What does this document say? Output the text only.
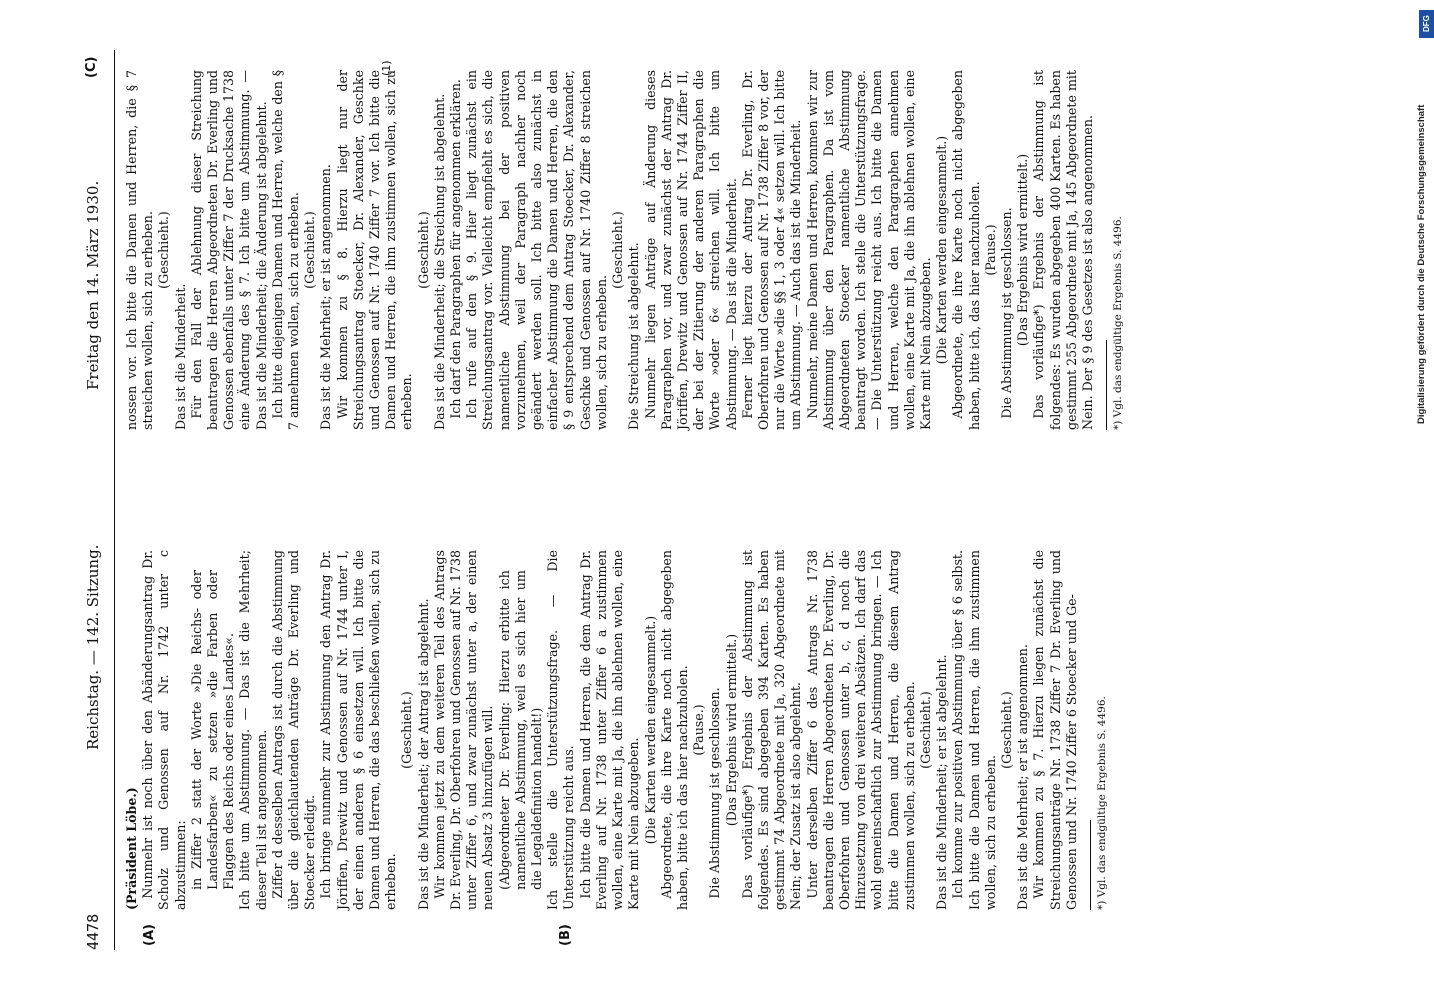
4478
Reichstag. — 142. Sitzung.
Freitag den 14. März 1930.
(A)	(B)
(C)	(1)

(Präsident Löbe.) Nunmehr ist noch über den Abänderungsantrag Dr. Scholz und Genossen auf Nr. 1742 unter c abzustimmen: in Ziffer 2 statt der Worte »Die Reichs- oder Landesfarben« zu setzen »die Farben oder Flaggen des Reichs oder eines Landes«. Ich bitte um Abstimmung. — Das ist die Mehrheit; dieser Teil ist angenommen. Ziffer d desselben Antrags ist durch die Abstimmung über die gleichlautenden Anträge Dr. Everling und Stoecker erledigt. Ich bringe nunmehr zur Abstimmung den Antrag Dr. Jöriffen, Drewitz und Genossen auf Nr. 1744 unter I, der einen anderen § 6 einsetzen will. Ich bitte die Damen und Herren, die das beschließen wollen, sich zu erheben.

(Geschieht.) Das ist die Minderheit; der Antrag ist abgelehnt. Wir kommen jetzt zu dem weiteren Teil des Antrags Dr. Everling, Dr. Oberfohren und Genossen auf Nr. 1738 unter Ziffer 6, und zwar zunächst unter a, der einen neuen Absatz 3 hinzufügen will. (Abgeordneter Dr. Everling: Hierzu erbitte ich namentliche Abstimmung, weil es sich hier um die Legaldefinition handelt!) Ich stelle die Unterstützungsfrage. — Die Unterstützung reicht aus. Ich bitte die Damen und Herren, die dem Antrag Dr. Everling auf Nr. 1738 unter Ziffer 6 a zustimmen wollen, eine Karte mit Ja, die ihn ablehnen wollen, eine Karte mit Nein abzugeben. (Die Karten werden eingesammelt.) Abgeordnete, die ihre Karte noch nicht abgegeben haben, bitte ich das hier nachzuholen. (Pause.) Die Abstimmung ist geschlossen. (Das Ergebnis wird ermittelt.) Das vorläufige*) Ergebnis der Abstimmung ist folgendes. Es sind abgegeben 394 Karten. Es haben gestimmt 74 Abgeordnete mit Ja, 320 Abgeordnete mit Nein; der Zusatz ist also abgelehnt. Unter derselben Ziffer 6 des Antrags Nr. 1738 beantragen die Herren Abgeordneten Dr. Everling, Dr. Oberfohren und Genossen unter b, c, d noch die Hinzusetzung von drei weiteren Absätzen. Ich darf das wohl gemeinschaftlich zur Abstimmung bringen. — Ich bitte die Damen und Herren, die diesem Antrag zustimmen wollen, sich zu erheben. (Geschieht.) Das ist die Minderheit; er ist abgelehnt. Ich komme zur positiven Abstimmung über § 6 selbst. Ich bitte die Damen und Herren, die ihm zustimmen wollen, sich zu erheben.

(Geschieht.) Das ist die Mehrheit; er ist angenommen. Wir kommen zu § 7. Hierzu liegen zunächst die Streichungsanträge Nr. 1738 Ziffer 7 Dr. Everling und Genossen und Nr. 1740 Ziffer 6 Stoecker und Ge- *) Vgl. das endgültige Ergebnis S. 4496.

nossen vor. Ich bitte die Damen und Herren, die § 7 streichen wollen, sich zu erheben. (Geschieht.)

Das ist die Minderheit. Für den Fall der Ablehnung dieser Streichung beantragen die Herren Abgeordneten Dr. Everling und Genossen ebenfalls unter Ziffer 7 der Drucksache 1738 eine Änderung des § 7. Ich bitte um Abstimmung. — Das ist die Minderheit; die Änderung ist abgelehnt. Ich bitte diejenigen Damen und Herren, welche den § 7 annehmen wollen, sich zu erheben. (Geschieht.) Das ist die Mehrheit; er ist angenommen. Wir kommen zu § 8. Hierzu liegt nur der Streichungsantrag Stoecker, Dr. Alexander, Geschke und Genossen auf Nr. 1740 Ziffer 7 vor. Ich bitte die Damen und Herren, die ihm zustimmen wollen, sich zu erheben.

(Geschieht.) Das ist die Minderheit; die Streichung ist abgelehnt. Ich darf den Paragraphen für angenommen erklären. Ich rufe auf den § 9. Hier liegt zunächst ein Streichungsantrag vor. Vielleicht empfiehlt es sich, die namentliche Abstimmung bei der positiven vorzunehmen, weil der Paragraph nachher noch geändert werden soll. Ich bitte also zunächst in einfacher Abstimmung die Damen und Herren, die den § 9 entsprechend dem Antrag Stoecker, Dr. Alexander, Geschke und Genossen auf Nr. 1740 Ziffer 8 streichen wollen, sich zu erheben.

(Geschieht.) Die Streichung ist abgelehnt. Nunmehr liegen Anträge auf Änderung dieses Paragraphen vor, und zwar zunächst der Antrag Dr. Jöriffen, Drewitz und Genossen auf Nr. 1744 Ziffer II, der bei der Zitierung der anderen Paragraphen die Worte »oder 6« streichen will. Ich bitte um Abstimmung. — Das ist die Minderheit. Ferner liegt hierzu der Antrag Dr. Everling, Dr. Oberfohren und Genossen auf Nr. 1738 Ziffer 8 vor, der nur die Worte »die §§ 1, 3 oder 4« setzen will. Ich bitte um Abstimmung. — Auch das ist die Minderheit. Nunmehr, meine Damen und Herren, kommen wir zur Abstimmung über den Paragraphen. Da ist vom Abgeordneten Stoecker namentliche Abstimmung beantragt worden. Ich stelle die Unterstützungsfrage. — Die Unterstützung reicht aus. Ich bitte die Damen und Herren, welche den Paragraphen annehmen wollen, eine Karte mit Ja, die ihn ablehnen wollen, eine Karte mit Nein abzugeben. (Die Karten werden eingesammelt.) Abgeordnete, die ihre Karte noch nicht abgegeben haben, bitte ich, das hier nachzuholen. (Pause.) Die Abstimmung ist geschlossen. (Das Ergebnis wird ermittelt.) Das vorläufige*) Ergebnis der Abstimmung ist folgendes: Es wurden abgegeben 400 Karten. Es haben gestimmt 255 Abgeordnete mit Ja, 145 Abgeordnete mit Nein. Der § 9 des Gesetzes ist also angenommen. *) Vgl. das endgültige Ergebnis S. 4496.

DFG
Digitalisierung gefördert durch die Deutsche Forschungsgemeinschaft
